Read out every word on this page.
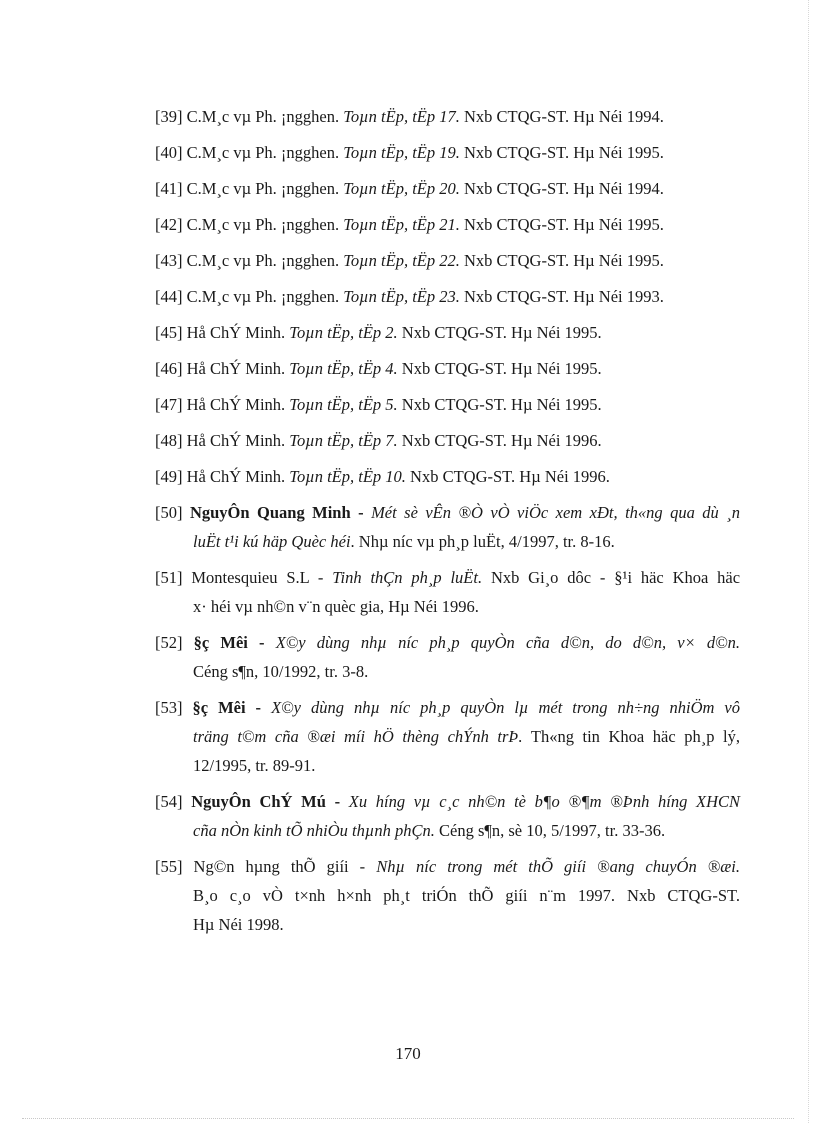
[39] C.M¸c vµ Ph. ¡ngghen. Toµn tËp, tËp 17. Nxb CTQG-ST. Hµ Néi 1994.
[40] C.M¸c vµ Ph. ¡ngghen. Toµn tËp, tËp 19. Nxb CTQG-ST. Hµ Néi 1995.
[41] C.M¸c vµ Ph. ¡ngghen. Toµn tËp, tËp 20. Nxb CTQG-ST. Hµ Néi 1994.
[42] C.M¸c vµ Ph. ¡ngghen. Toµn tËp, tËp 21. Nxb CTQG-ST. Hµ Néi 1995.
[43] C.M¸c vµ Ph. ¡ngghen. Toµn tËp, tËp 22. Nxb CTQG-ST. Hµ Néi 1995.
[44] C.M¸c vµ Ph. ¡ngghen. Toµn tËp, tËp 23. Nxb CTQG-ST. Hµ Néi 1993.
[45] Hå ChÝ Minh. Toµn tËp, tËp 2. Nxb CTQG-ST. Hµ Néi 1995.
[46] Hå ChÝ Minh. Toµn tËp, tËp 4. Nxb CTQG-ST. Hµ Néi 1995.
[47] Hå ChÝ Minh. Toµn tËp, tËp 5. Nxb CTQG-ST. Hµ Néi 1995.
[48] Hå ChÝ Minh. Toµn tËp, tËp 7. Nxb CTQG-ST. Hµ Néi 1996.
[49] Hå ChÝ Minh. Toµn tËp, tËp 10. Nxb CTQG-ST. Hµ Néi 1996.
[50] NguyÔn Quang Minh - Mét sè vÊn ®Ò vÒ viÖc xem xÐt, th«ng qua dù ¸n
luËt t¹i kú häp Quèc héi. Nhµ níc vµ ph¸p luËt, 4/1997, tr. 8-16.
[51] Montesquieu S.L - Tinh thÇn ph¸p luËt. Nxb Gi¸o dôc - §¹i häc Khoa häc
x· héi vµ nh©n v¨n quèc gia, Hµ Néi 1996.
[52] §ç Mêi - X©y dùng nhµ níc ph¸p quyÒn cña d©n, do d©n, v× d©n.
Céng s¶n, 10/1992, tr. 3-8.
[53] §ç Mêi - X©y dùng nhµ níc ph¸p quyÒn lµ mét trong nh÷ng nhiÖm vô
träng t©m cña ®æi míi hÖ thèng chÝnh trÞ. Th«ng tin Khoa häc ph¸p lý,
12/1995, tr. 89-91.
[54] NguyÔn ChÝ Mú - Xu híng vµ c¸c nh©n tè b¶o ®¶m ®Þnh híng XHCN
cña nÒn kinh tÕ nhiÒu thµnh phÇn. Céng s¶n, sè 10, 5/1997, tr. 33-36.
[55] Ng©n hµng thÕ giíi - Nhµ níc trong mét thÕ giíi ®ang chuyÓn ®æi.
B¸o c¸o vÒ t×nh h×nh ph¸t triÓn thÕ giíi n¨m 1997. Nxb CTQG-ST.
Hµ Néi 1998.
170
